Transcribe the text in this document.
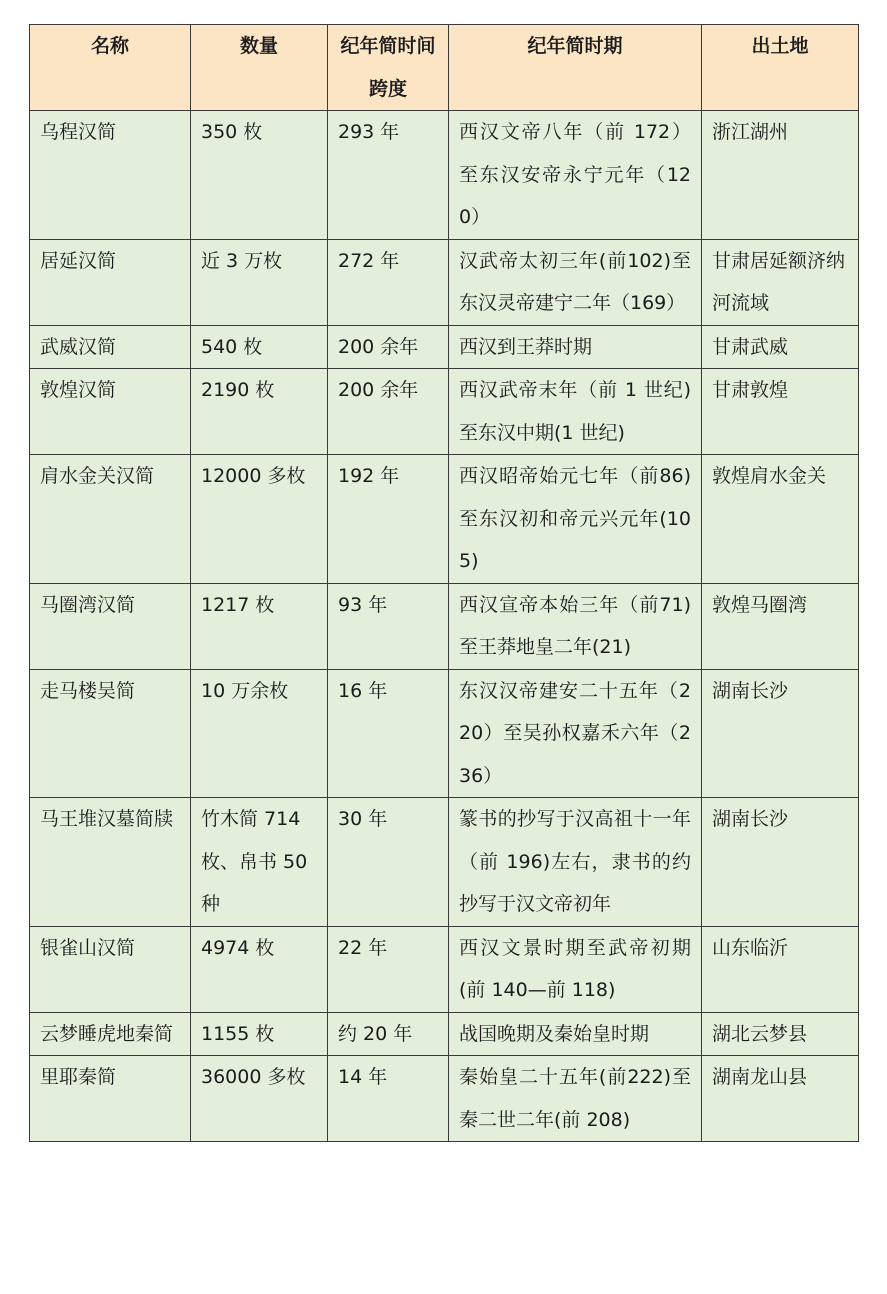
名称	数量	纪年简时间跨度	纪年简时期	出土地
乌程汉简	350 枚	293 年	西汉文帝八年（前 172）至东汉安帝永宁元年（120）	浙江湖州
居延汉简	近 3 万枚	272 年	汉武帝太初三年(前102)至东汉灵帝建宁二年（169）	甘肃居延额济纳河流域
武威汉简	540 枚	200 余年	西汉到王莽时期	甘肃武威
敦煌汉简	2190 枚	200 余年	西汉武帝末年（前 1 世纪)至东汉中期(1 世纪)	甘肃敦煌
肩水金关汉简	12000 多枚	192 年	西汉昭帝始元七年（前86)至东汉初和帝元兴元年(105)	敦煌肩水金关
马圈湾汉简	1217 枚	93 年	西汉宣帝本始三年（前71)至王莽地皇二年(21)	敦煌马圈湾
走马楼吴简	10 万余枚	16 年	东汉汉帝建安二十五年（220）至吴孙权嘉禾六年（236）	湖南长沙
马王堆汉墓简牍	竹木简 714 枚、帛书 50 种	30 年	篆书的抄写于汉高祖十一年 （前 196)左右，隶书的约抄写于汉文帝初年	湖南长沙
银雀山汉简	4974 枚	22 年	西汉文景时期至武帝初期(前 140—前 118)	山东临沂
云梦睡虎地秦简	1155 枚	约 20 年	战国晚期及秦始皇时期	湖北云梦县
里耶秦简	36000 多枚	14 年	秦始皇二十五年(前222)至秦二世二年(前 208)	湖南龙山县
